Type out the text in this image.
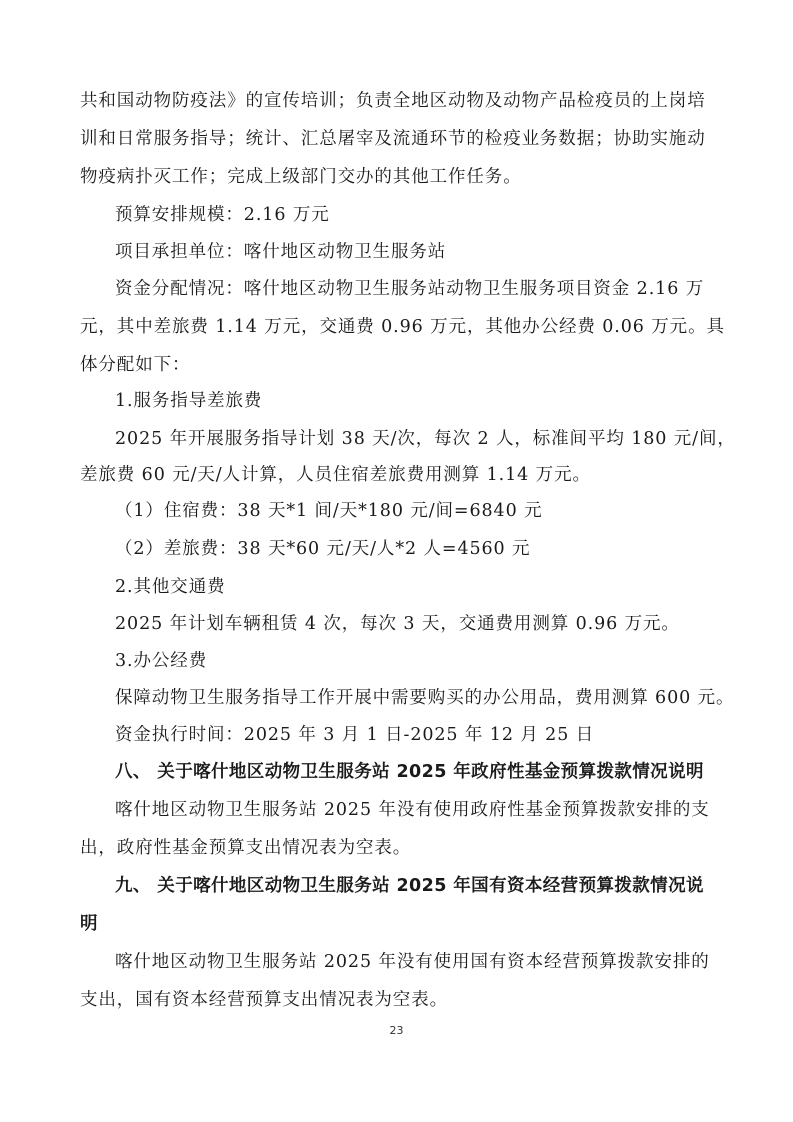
共和国动物防疫法》的宣传培训；负责全地区动物及动物产品检疫员的上岗培
训和日常服务指导；统计、汇总屠宰及流通环节的检疫业务数据；协助实施动
物疫病扑灭工作；完成上级部门交办的其他工作任务。
预算安排规模：2.16 万元
项目承担单位：喀什地区动物卫生服务站
资金分配情况：喀什地区动物卫生服务站动物卫生服务项目资金 2.16 万
元，其中差旅费 1.14 万元，交通费 0.96 万元，其他办公经费 0.06 万元。具
体分配如下：
1.服务指导差旅费
2025 年开展服务指导计划 38 天/次，每次 2 人，标准间平均 180 元/间，
差旅费 60 元/天/人计算，人员住宿差旅费用测算 1.14 万元。
（1）住宿费：38 天*1 间/天*180 元/间=6840 元
（2）差旅费：38 天*60 元/天/人*2 人=4560 元
2.其他交通费
2025 年计划车辆租赁 4 次，每次 3 天，交通费用测算 0.96 万元。
3.办公经费
保障动物卫生服务指导工作开展中需要购买的办公用品，费用测算 600 元。
资金执行时间：2025 年 3 月 1 日-2025 年 12 月 25 日
八、 关于喀什地区动物卫生服务站 2025 年政府性基金预算拨款情况说明
喀什地区动物卫生服务站 2025 年没有使用政府性基金预算拨款安排的支
出，政府性基金预算支出情况表为空表。
九、 关于喀什地区动物卫生服务站 2025 年国有资本经营预算拨款情况说
明
喀什地区动物卫生服务站 2025 年没有使用国有资本经营预算拨款安排的
支出，国有资本经营预算支出情况表为空表。
23
